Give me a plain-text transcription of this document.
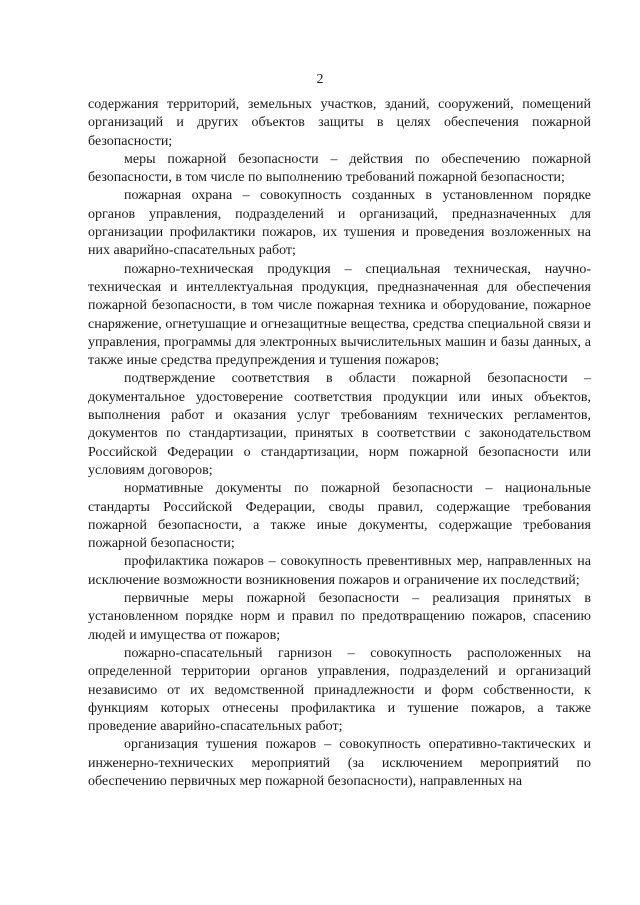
2

содержания территорий, земельных участков, зданий, сооружений, помещений организаций и других объектов защиты в целях обеспечения пожарной безопасности;

меры пожарной безопасности – действия по обеспечению пожарной безопасности, в том числе по выполнению требований пожарной безопасности;

пожарная охрана – совокупность созданных в установленном порядке органов управления, подразделений и организаций, предназначенных для организации профилактики пожаров, их тушения и проведения возложенных на них аварийно-спасательных работ;

пожарно-техническая продукция – специальная техническая, научно-техническая и интеллектуальная продукция, предназначенная для обеспечения пожарной безопасности, в том числе пожарная техника и оборудование, пожарное снаряжение, огнетушащие и огнезащитные вещества, средства специальной связи и управления, программы для электронных вычислительных машин и базы данных, а также иные средства предупреждения и тушения пожаров;

подтверждение соответствия в области пожарной безопасности – документальное удостоверение соответствия продукции или иных объектов, выполнения работ и оказания услуг требованиям технических регламентов, документов по стандартизации, принятых в соответствии с законодательством Российской Федерации о стандартизации, норм пожарной безопасности или условиям договоров;

нормативные документы по пожарной безопасности – национальные стандарты Российской Федерации, своды правил, содержащие требования пожарной безопасности, а также иные документы, содержащие требования пожарной безопасности;

профилактика пожаров – совокупность превентивных мер, направленных на исключение возможности возникновения пожаров и ограничение их последствий;

первичные меры пожарной безопасности – реализация принятых в установленном порядке норм и правил по предотвращению пожаров, спасению людей и имущества от пожаров;

пожарно-спасательный гарнизон – совокупность расположенных на определенной территории органов управления, подразделений и организаций независимо от их ведомственной принадлежности и форм собственности, к функциям которых отнесены профилактика и тушение пожаров, а также проведение аварийно-спасательных работ;

организация тушения пожаров – совокупность оперативно-тактических и инженерно-технических мероприятий (за исключением мероприятий по обеспечению первичных мер пожарной безопасности), направленных на
